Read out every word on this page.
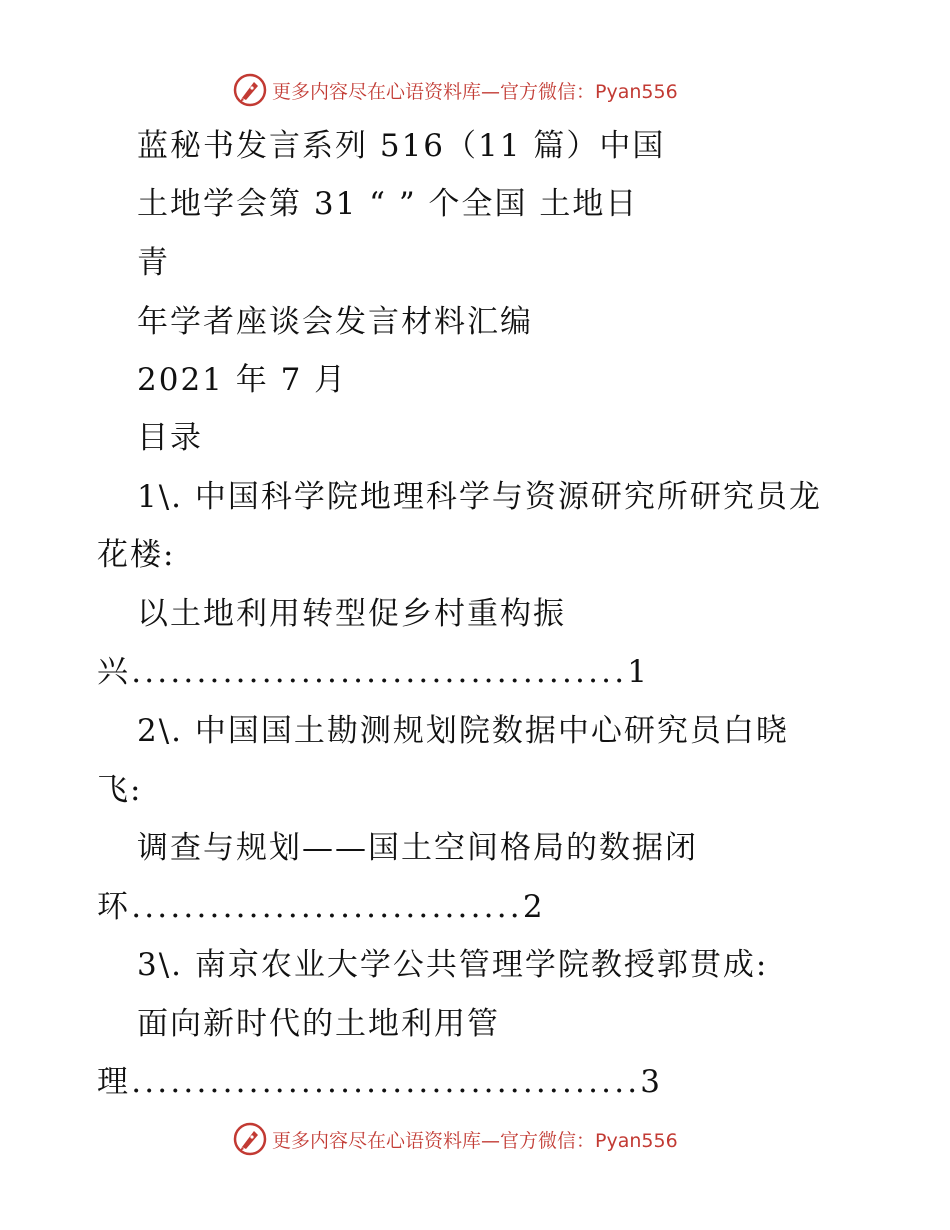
更多内容尽在心语资料库—官方微信：Pyan556
蓝秘书发言系列 516（11 篇）中国
土地学会第 31 “ ” 个全国 土地日
青
年学者座谈会发言材料汇编
2021 年 7 月
目录
1\. 中国科学院地理科学与资源研究所研究员龙
花楼:
以土地利用转型促乡村重构振
兴......................................1
2\. 中国国土勘测规划院数据中心研究员白晓
飞:
调查与规划——国土空间格局的数据闭
环..............................2
3\. 南京农业大学公共管理学院教授郭贯成:
面向新时代的土地利用管
理.......................................3
更多内容尽在心语资料库—官方微信：Pyan556
